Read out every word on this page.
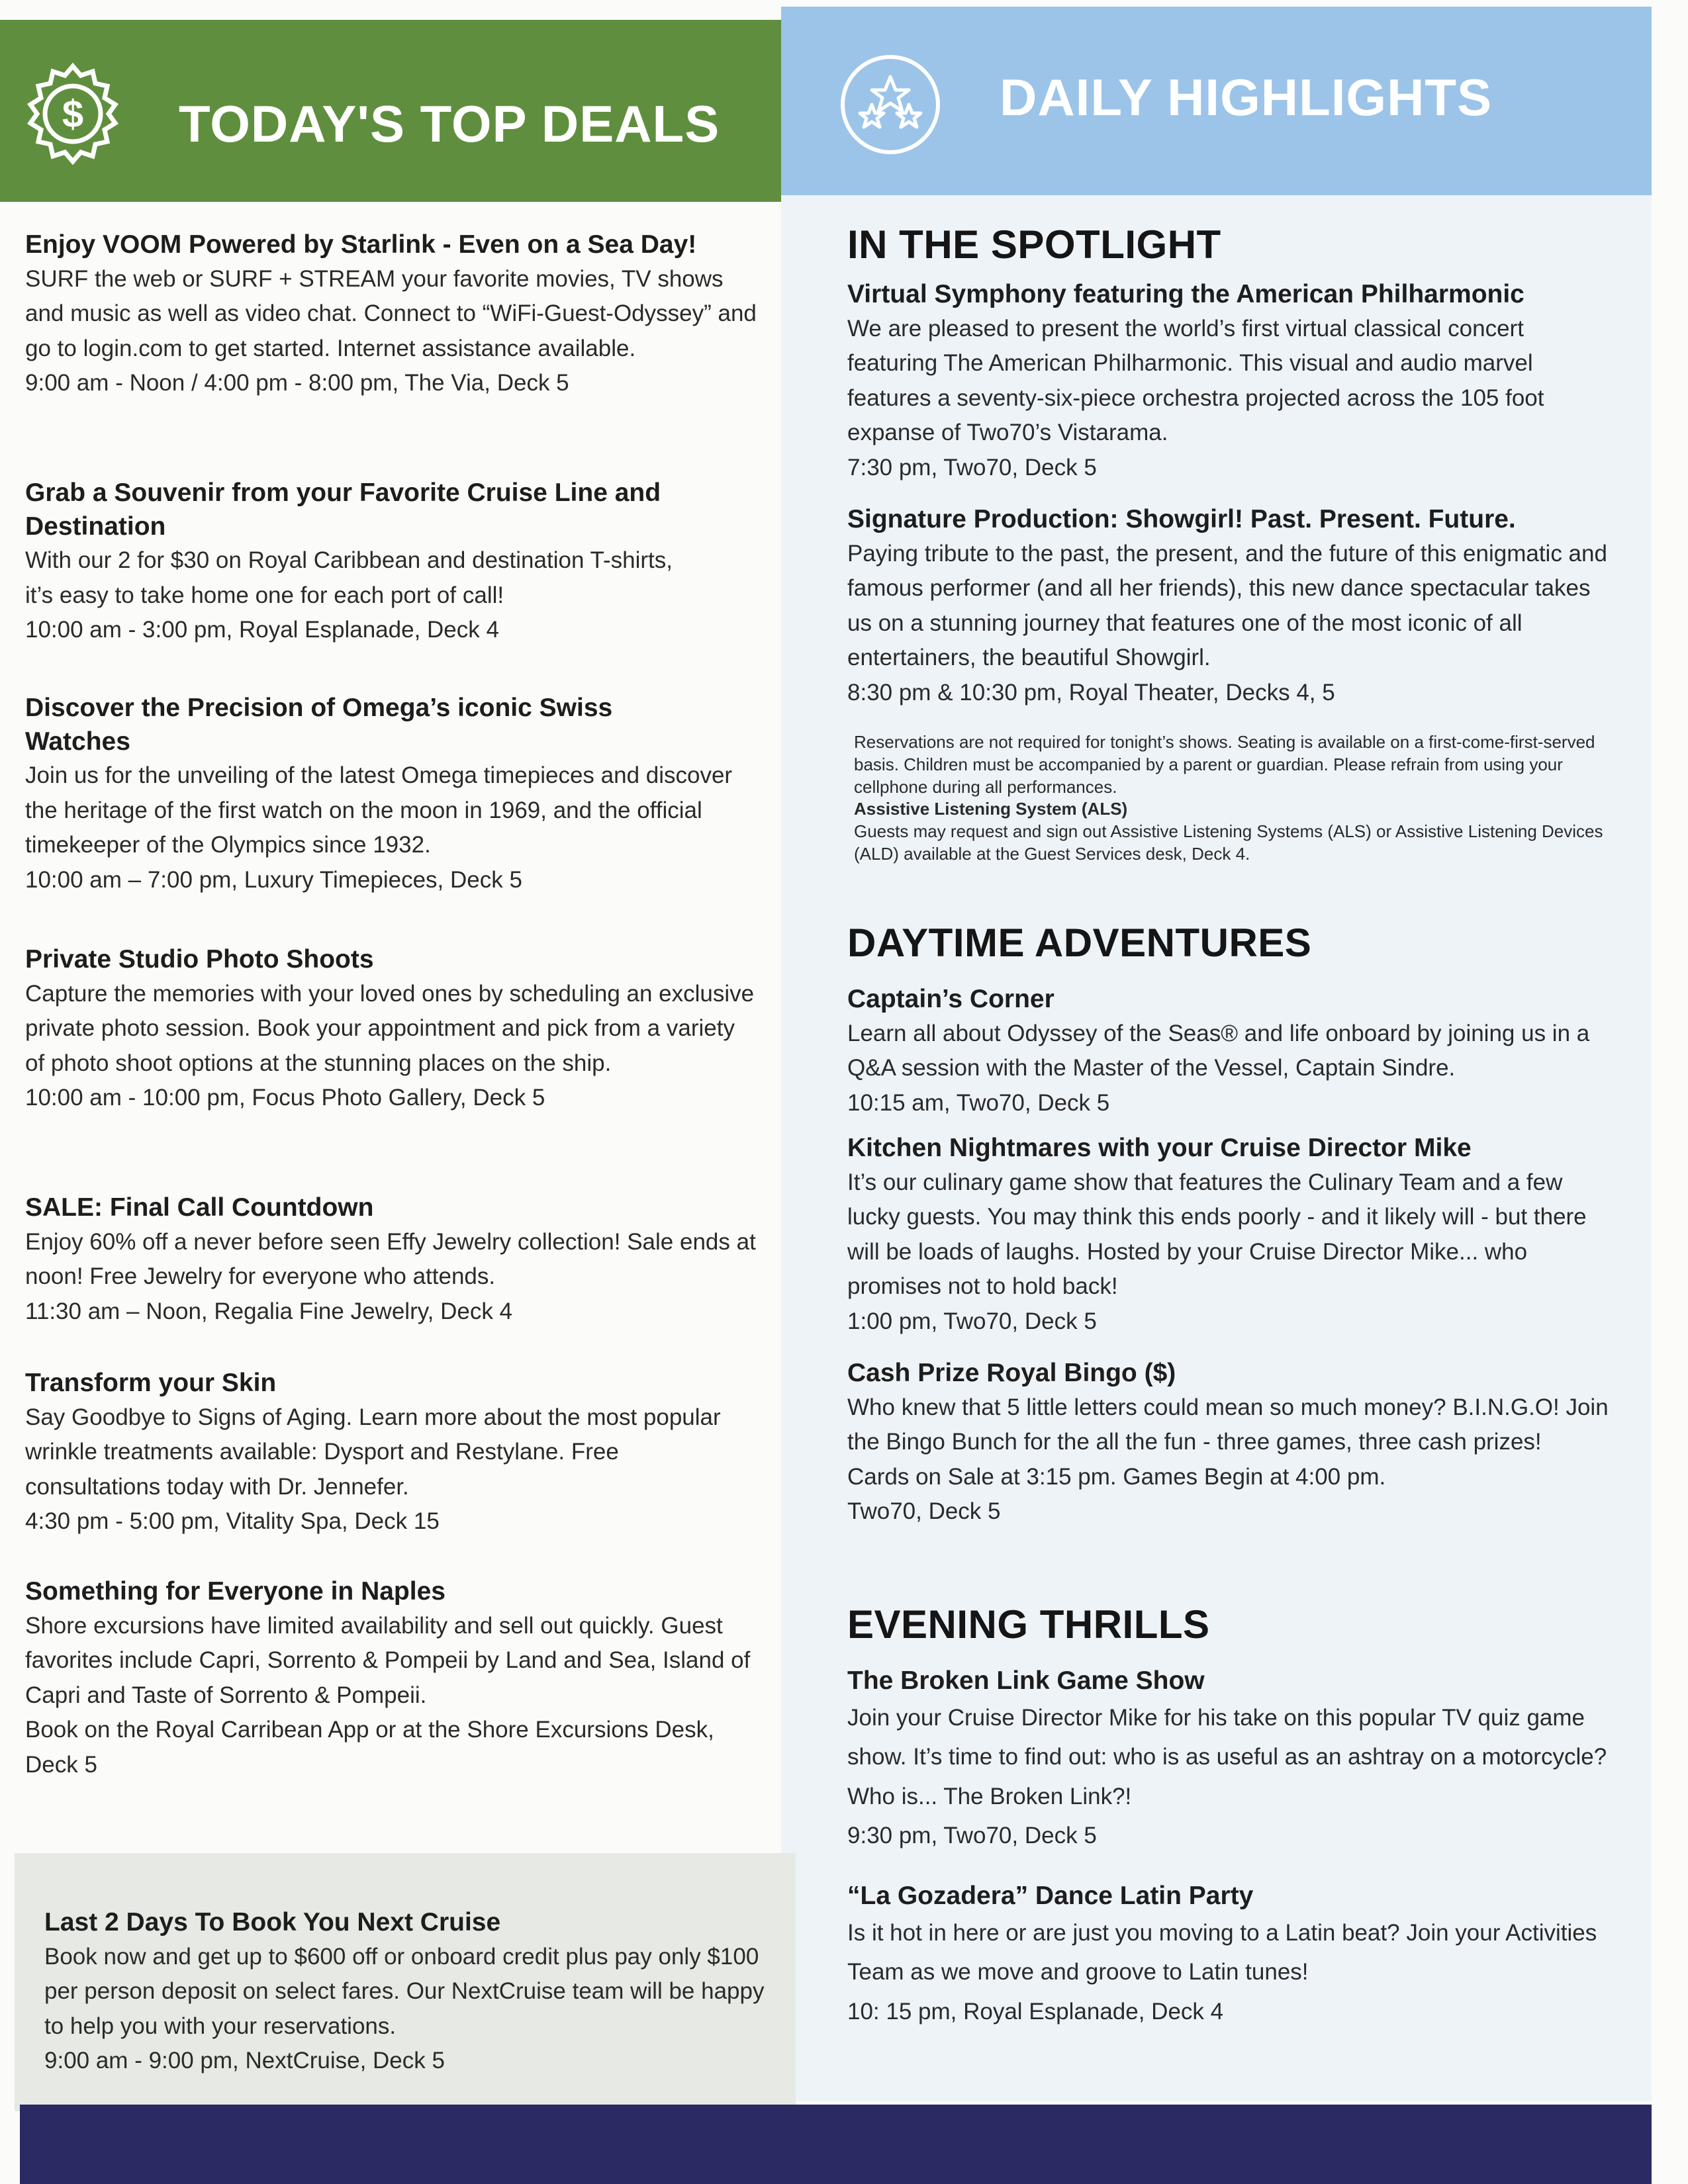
$ TODAY'S TOP DEALS	DAILY HIGHLIGHTS
Enjoy VOOM Powered by Starlink - Even on a Sea Day!

SURF the web or SURF + STREAM your favorite movies, TV shows and music as well as video chat. Connect to “WiFi-Guest-Odyssey” and go to login.com to get started. Internet assistance available.

9:00 am - Noon / 4:00 pm - 8:00 pm, The Via, Deck 5

Grab a Souvenir from your Favorite Cruise Line and Destination

With our 2 for $30 on Royal Caribbean and destination T-shirts, it’s easy to take home one for each port of call!

10:00 am - 3:00 pm, Royal Esplanade, Deck 4

Discover the Precision of Omega’s iconic Swiss Watches

Join us for the unveiling of the latest Omega timepieces and discover the heritage of the first watch on the moon in 1969, and the official timekeeper of the Olympics since 1932.

10:00 am – 7:00 pm, Luxury Timepieces, Deck 5

Private Studio Photo Shoots

Capture the memories with your loved ones by scheduling an exclusive private photo session. Book your appointment and pick from a variety of photo shoot options at the stunning places on the ship.

10:00 am - 10:00 pm, Focus Photo Gallery, Deck 5

SALE: Final Call Countdown

Enjoy 60% off a never before seen Effy Jewelry collection! Sale ends at noon! Free Jewelry for everyone who attends.

11:30 am – Noon, Regalia Fine Jewelry, Deck 4

Transform your Skin

Say Goodbye to Signs of Aging. Learn more about the most popular wrinkle treatments available: Dysport and Restylane. Free consultations today with Dr. Jennefer.

4:30 pm - 5:00 pm, Vitality Spa, Deck 15

Something for Everyone in Naples

Shore excursions have limited availability and sell out quickly. Guest favorites include Capri, Sorrento & Pompeii by Land and Sea, Island of Capri and Taste of Sorrento & Pompeii.

Book on the Royal Carribean App or at the Shore Excursions Desk, Deck 5

Last 2 Days To Book You Next Cruise

Book now and get up to $600 off or onboard credit plus pay only $100 per person deposit on select fares. Our NextCruise team will be happy to help you with your reservations.

9:00 am - 9:00 pm, NextCruise, Deck 5

IN THE SPOTLIGHT
Virtual Symphony featuring the American Philharmonic

We are pleased to present the world’s first virtual classical concert featuring The American Philharmonic. This visual and audio marvel features a seventy-six-piece orchestra projected across the 105 foot expanse of Two70’s Vistarama.

7:30 pm, Two70, Deck 5

Signature Production: Showgirl! Past. Present. Future.

Paying tribute to the past, the present, and the future of this enigmatic and famous performer (and all her friends), this new dance spectacular takes us on a stunning journey that features one of the most iconic of all entertainers, the beautiful Showgirl.

8:30 pm & 10:30 pm, Royal Theater, Decks 4, 5

Reservations are not required for tonight’s shows. Seating is available on a first-come-first-served basis. Children must be accompanied by a parent or guardian. Please refrain from using your cellphone during all performances.

Assistive Listening System (ALS)

Guests may request and sign out Assistive Listening Systems (ALS) or Assistive Listening Devices (ALD) available at the Guest Services desk, Deck 4.

DAYTIME ADVENTURES
Captain’s Corner

Learn all about Odyssey of the Seas® and life onboard by joining us in a Q&A session with the Master of the Vessel, Captain Sindre.

10:15 am, Two70, Deck 5

Kitchen Nightmares with your Cruise Director Mike

It’s our culinary game show that features the Culinary Team and a few lucky guests. You may think this ends poorly - and it likely will - but there will be loads of laughs. Hosted by your Cruise Director Mike... who promises not to hold back!

1:00 pm, Two70, Deck 5

Cash Prize Royal Bingo ($)

Who knew that 5 little letters could mean so much money? B.I.N.G.O! Join the Bingo Bunch for the all the fun - three games, three cash prizes!

Cards on Sale at 3:15 pm. Games Begin at 4:00 pm.

Two70, Deck 5

EVENING THRILLS
The Broken Link Game Show

Join your Cruise Director Mike for his take on this popular TV quiz game show. It’s time to find out: who is as useful as an ashtray on a motorcycle? Who is... The Broken Link?!

9:30 pm, Two70, Deck 5

“La Gozadera” Dance Latin Party

Is it hot in here or are just you moving to a Latin beat? Join your Activities Team as we move and groove to Latin tunes!

10: 15 pm, Royal Esplanade, Deck 4
